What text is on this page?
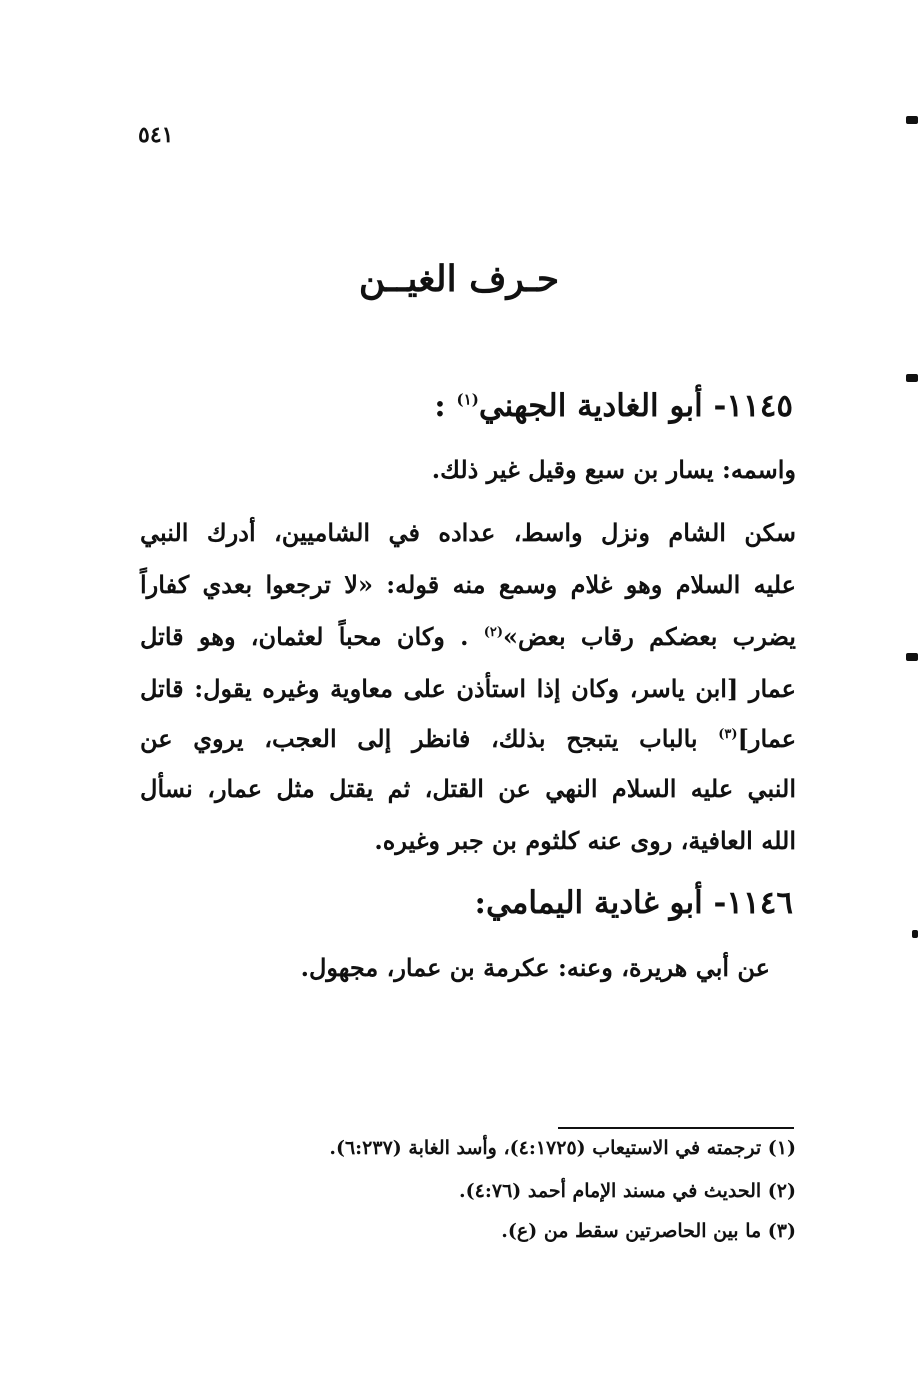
٥٤١
حـرف الغيــن
١١٤٥- أبو الغادية الجهني$^{(١)}$ :
واسمه: يسار بن سبع وقيل غير ذلك.
سكن الشام ونزل واسط، عداده في الشاميين، أدرك النبي
عليه السلام وهو غلام وسمع منه قوله: «لا ترجعوا بعدي كفاراً
يضرب بعضكم رقاب بعض»$^{(٢)}$ . وكان محباً لعثمان، وهو قاتل
عمار [ابن ياسر، وكان إذا استأذن على معاوية وغيره يقول: قاتل
عمار]$^{(٣)}$ بالباب يتبجح بذلك، فانظر إلى العجب، يروي عن
النبي عليه السلام النهي عن القتل، ثم يقتل مثل عمار، نسأل
الله العافية، روى عنه كلثوم بن جبر وغيره.
١١٤٦- أبو غادية اليمامي:
عن أبي هريرة، وعنه: عكرمة بن عمار، مجهول.
(١) ترجمته في الاستيعاب (٤:١٧٢٥)، وأسد الغابة (٦:٢٣٧).
(٢) الحديث في مسند الإمام أحمد (٤:٧٦).
(٣) ما بين الحاصرتين سقط من (ع).
